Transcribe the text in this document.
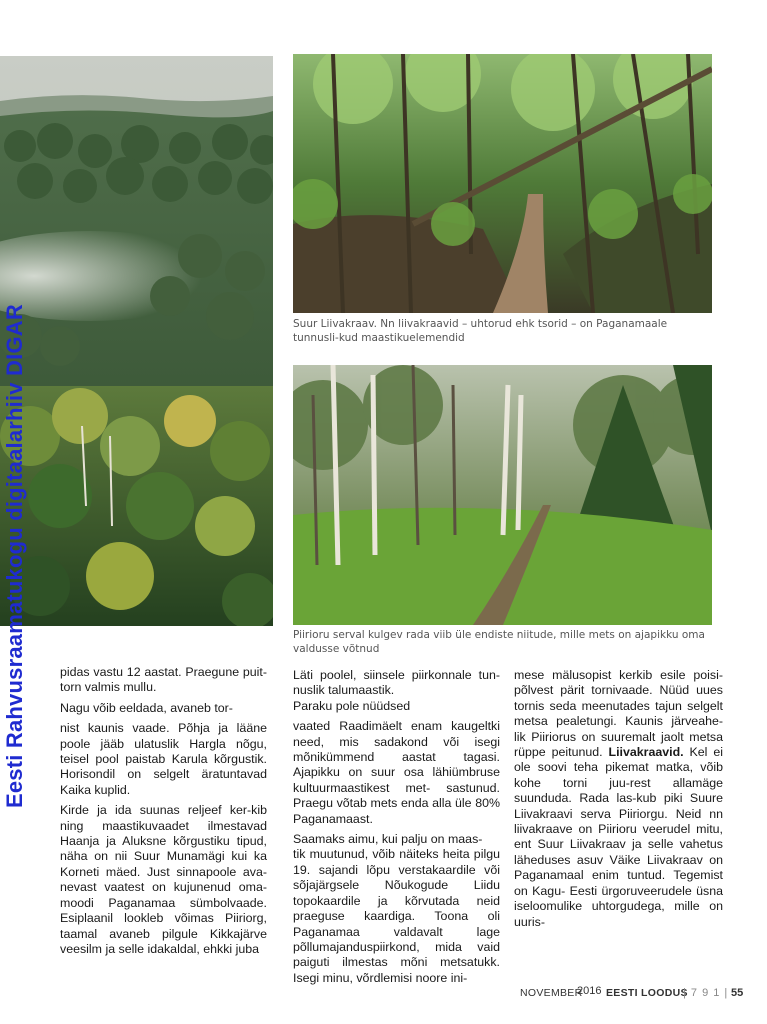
Suur Liivakraav. Nn liivakraavid – uhtorud ehk tsorid – on Paganamaale tunnusli-kud maastikuelemendid
Piirioru serval kulgev rada viib üle endiste niitude, mille mets on ajapikku oma valdusse võtnud
Eesti Rahvusraamatukogu digitaalarhiiv DIGAR	pidas vastu 12 aastat. Praegune puit-torn valmis mullu.

Nagu võib eeldada, avaneb tor-

nist kaunis vaade. Põhja ja lääne poole jääb ulatuslik Hargla nõgu, teisel pool paistab Karula kõrgustik. Horisondil on selgelt äratuntavad Kaika kuplid.

Kirde ja ida suunas reljeef ker-kib ning maastikuvaadet ilmestavad Haanja ja Aluksne kõrgustiku tipud, näha on nii Suur Munamägi kui ka Korneti mäed. Just sinnapoole ava- nevast vaatest on kujunenud oma- moodi Paganamaa sümbolvaade. Esiplaanil lookleb võimas Piiriorg, taamal avaneb pilgule Kikkajärve veesilm ja selle idakaldal, ehkki juba

Läti poolel, siinsele piirkonnale tun-nuslik talumaastik.

Paraku pole nüüdsed

vaated Raadimäelt enam kaugeltki need, mis sadakond või isegi mõnikümmend aastat tagasi. Ajapikku on suur osa lähiümbruse kultuurmaastikest met- sastunud. Praegu võtab mets enda alla üle 80% Paganamaast.

Saamaks aimu, kui palju on maas-

tik muutunud, võib näiteks heita pilgu 19. sajandi lõpu verstakaardile või sõjajärgsele Nõukogude Liidu topokaardile ja kõrvutada neid praeguse kaardiga. Toona oli Paganamaa valdavalt lage põllumajanduspiirkond, mida vaid paiguti ilmestas mõni metsatukk. Isegi minu, võrdlemisi noore ini-

mese mälusopist kerkib esile poisi-põlvest pärit tornivaade. Nüüd uues tornis seda meenutades tajun selgelt metsa pealetungi. Kaunis järveahe- lik Piiriorus on suuremalt jaolt metsa rüppe peitunud. Liivakraavid. Kel ei ole soovi teha pikemat matka, võib kohe torni juu-rest allamäge suunduda. Rada las-kub piki Suure Liivakraavi serva Piiriorgu. Neid nn liivakraave on Piirioru veerudel mitu, ent Suur Liivakraav ja selle vahetus läheduses asuv Väike Liivakraav on Paganamaal enim tuntud. Tegemist on Kagu- Eesti ürgoruveerudele üsna iseloomulike uhtorgudega, mille on uuris-

NOVEMBER
2016 EESTI LOODUS
| 7 9 1 | 55
